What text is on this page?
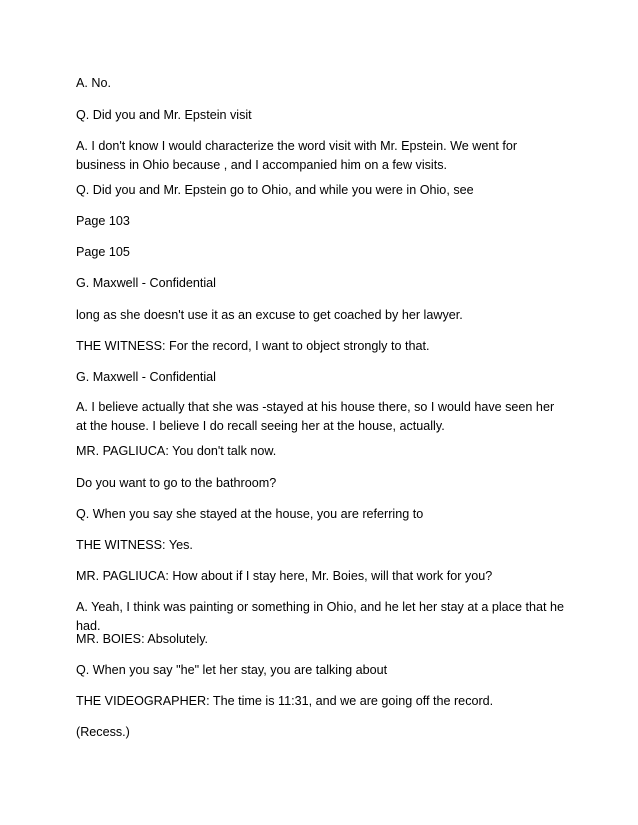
A. No.

Q. Did you and Mr. Epstein visit

A. I don't know I would characterize the word visit with Mr. Epstein. We went for business in Ohio because , and I accompanied him on a few visits.

Q. Did you and Mr. Epstein go to Ohio, and while you were in Ohio, see

Page 103

Page 105

G. Maxwell - Confidential

long as she doesn't use it as an excuse to get coached by her lawyer.

THE WITNESS: For the record, I want to object strongly to that.

G. Maxwell - Confidential

A. I believe actually that she was -stayed at his house there, so I would have seen her at the house. I believe I do recall seeing her at the house, actually.

MR. PAGLIUCA: You don't talk now.

Do you want to go to the bathroom?

Q. When you say she stayed at the house, you are referring to

THE WITNESS: Yes.

MR. PAGLIUCA: How about if I stay here, Mr. Boies, will that work for you?

A. Yeah, I think was painting or something in Ohio, and he let her stay at a place that he had.

MR. BOIES: Absolutely.

Q. When you say "he" let her stay, you are talking about

THE VIDEOGRAPHER: The time is 11:31, and we are going off the record.

(Recess.)
